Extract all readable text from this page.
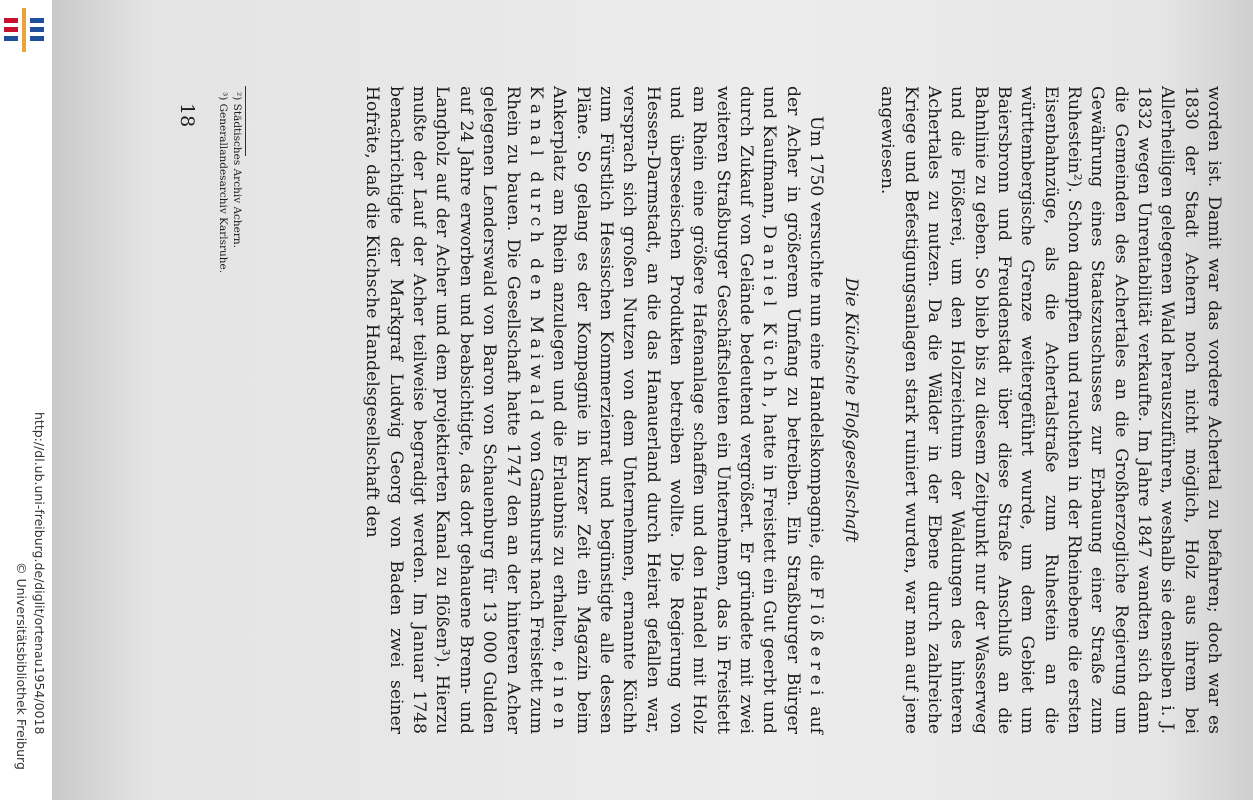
http://dl.ub.uni-freiburg.de/diglit/ortenau1954/0018
© Universitätsbibliothek Freiburg	worden ist. Damit war das vordere Achertal zu befahren; doch war es 1830 der Stadt Achern noch nicht möglich, Holz aus ihrem bei Allerheiligen gelegenen Wald herauszuführen, weshalb sie denselben i. J. 1832 wegen Unrentabilität verkaufte. Im Jahre 1847 wandten sich dann die Gemeinden des Achertales an die Großherzogliche Regierung um Gewährung eines Staatszuschusses zur Erbauung einer Straße zum Ruhestein²). Schon dampften und rauchten in der Rheinebene die ersten Eisenbahnzüge, als die Achertalstraße zum Ruhestein an die württembergische Grenze weitergeführt wurde, um dem Gebiet um Baiersbronn und Freudenstadt über diese Straße Anschluß an die Bahnlinie zu geben. So blieb bis zu diesem Zeitpunkt nur der Wasserweg und die Flößerei, um den Holzreichtum der Waldungen des hinteren Achertales zu nutzen. Da die Wälder in der Ebene durch zahlreiche Kriege und Befestigungsanlagen stark ruiniert wurden, war man auf jene angewiesen.

Die Küchsche Floßgesellschaft

Um 1750 versuchte nun eine Handelskompagnie, die Flößerei auf der Acher in größerem Umfang zu betreiben. Ein Straßburger Bürger und Kaufmann, Daniel Küchh, hatte in Freistett ein Gut geerbt und durch Zukauf von Gelände bedeutend vergrößert. Er gründete mit zwei weiteren Straßburger Geschäftsleuten ein Unternehmen, das in Freistett am Rhein eine größere Hafenanlage schaffen und den Handel mit Holz und überseeischen Produkten betreiben wollte. Die Regierung von Hessen-Darmstadt, an die das Hanauerland durch Heirat gefallen war, versprach sich großen Nutzen von dem Unternehmen, ernannte Küchh zum Fürstlich Hessischen Kommerzienrat und begünstigte alle dessen Pläne. So gelang es der Kompagnie in kurzer Zeit ein Magazin beim Ankerplatz am Rhein anzulegen und die Erlaubnis zu erhalten, einen Kanal durch den Maiwald von Gamshurst nach Freistett zum Rhein zu bauen. Die Gesellschaft hatte 1747 den an der hinteren Acher gelegenen Lenderswald von Baron von Schauenburg für 13 000 Gulden auf 24 Jahre erworben und beabsichtigte, das dort gehauene Brenn- und Langholz auf der Acher und dem projektierten Kanal zu flößen³). Hierzu mußte der Lauf der Acher teilweise begradigt werden. Im Januar 1748 benachrichtigte der Markgraf Ludwig Georg von Baden zwei seiner Hofräte, daß die Küchsche Handelsgesellschaft den

²) Städtisches Archiv Achern.

³) Generallandesarchiv Karlsruhe.

18
